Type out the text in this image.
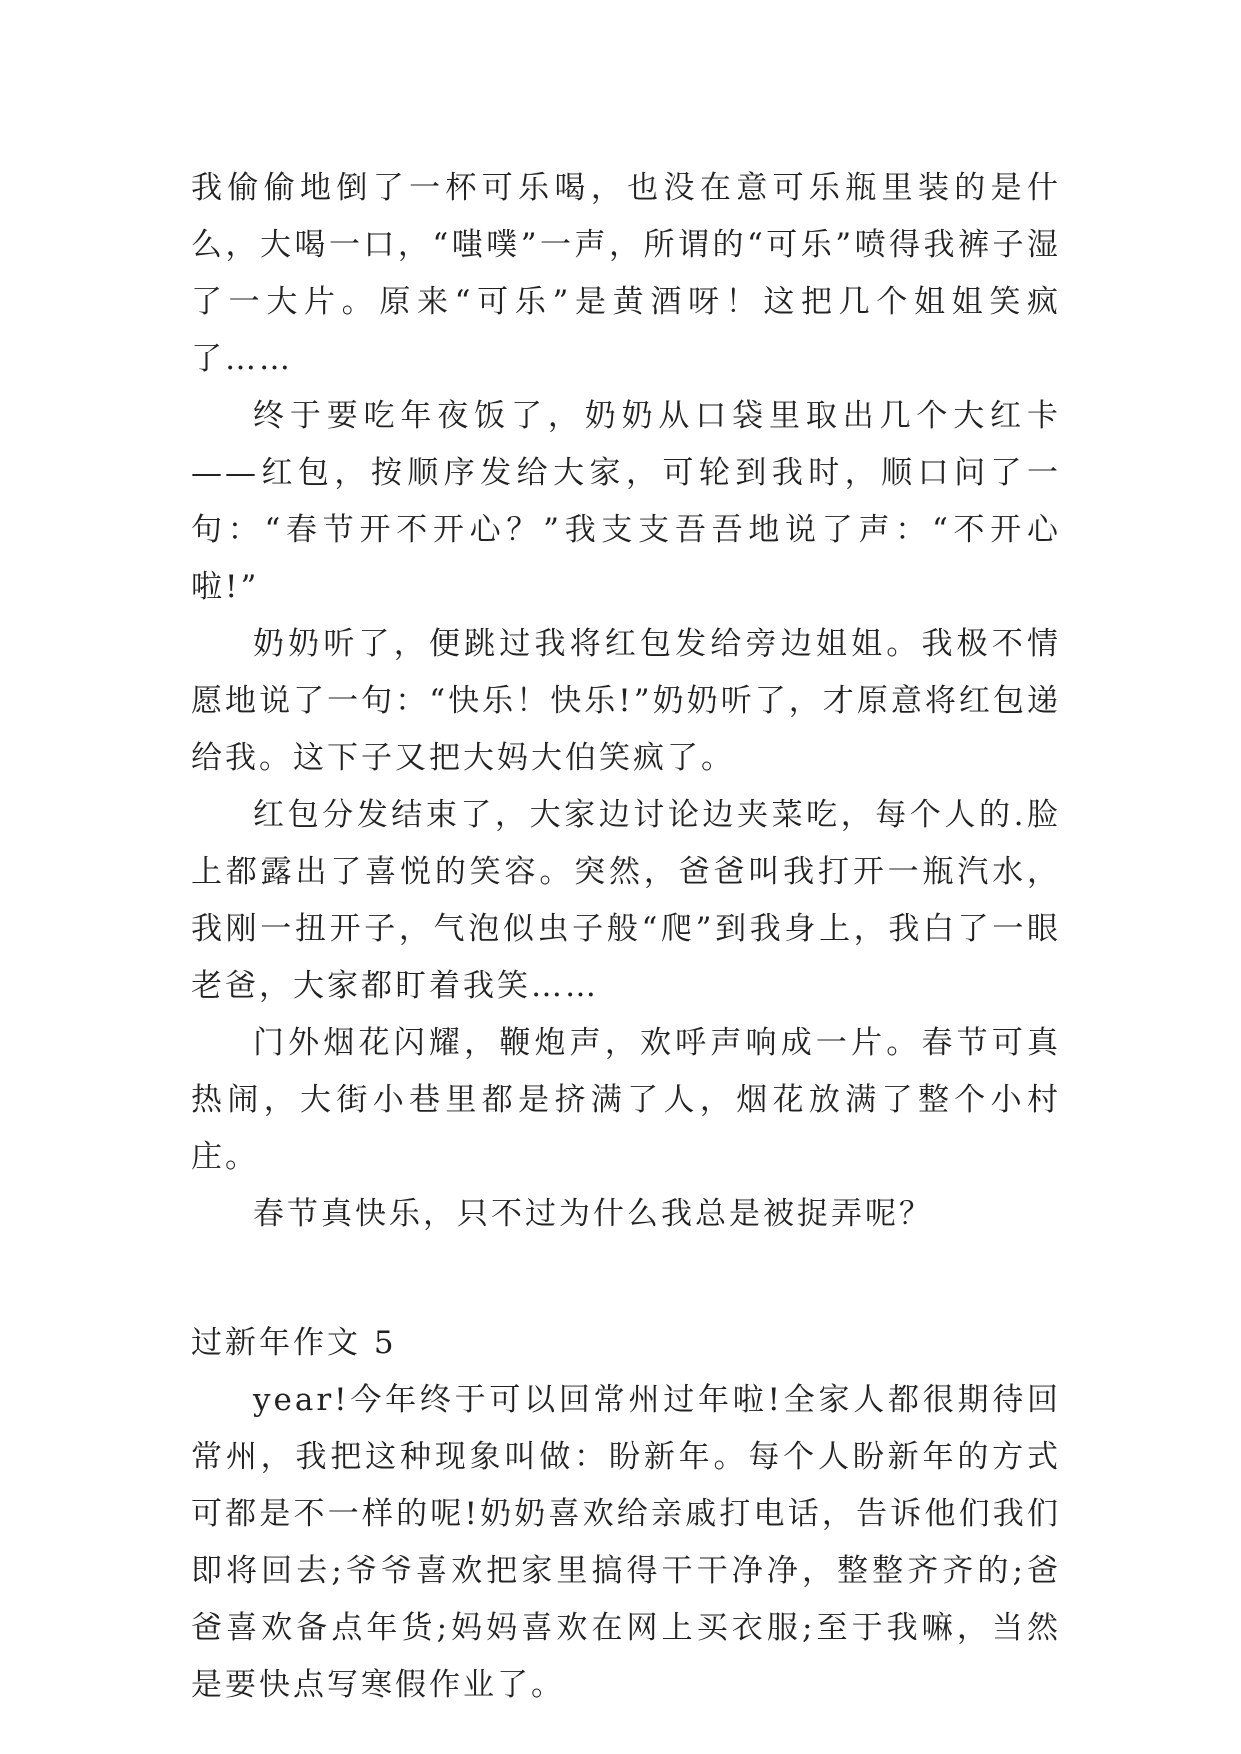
我偷偷地倒了一杯可乐喝，也没在意可乐瓶里装的是什么，大喝一口，“嗤噗”一声，所谓的“可乐”喷得我裤子湿了一大片。原来“可乐”是黄酒呀！这把几个姐姐笑疯了……

终于要吃年夜饭了，奶奶从口袋里取出几个大红卡——红包，按顺序发给大家，可轮到我时，顺口问了一句：“春节开不开心？”我支支吾吾地说了声：“不开心啦!”

奶奶听了，便跳过我将红包发给旁边姐姐。我极不情愿地说了一句：“快乐！快乐!”奶奶听了，才原意将红包递给我。这下子又把大妈大伯笑疯了。

红包分发结束了，大家边讨论边夹菜吃，每个人的.脸上都露出了喜悦的笑容。突然，爸爸叫我打开一瓶汽水，我刚一扭开子，气泡似虫子般“爬”到我身上，我白了一眼老爸，大家都盯着我笑……

门外烟花闪耀，鞭炮声，欢呼声响成一片。春节可真热闹，大街小巷里都是挤满了人，烟花放满了整个小村庄。

春节真快乐，只不过为什么我总是被捉弄呢？

过新年作文 5

year!今年终于可以回常州过年啦!全家人都很期待回常州，我把这种现象叫做：盼新年。每个人盼新年的方式可都是不一样的呢!奶奶喜欢给亲戚打电话，告诉他们我们即将回去;爷爷喜欢把家里搞得干干净净，整整齐齐的;爸爸喜欢备点年货;妈妈喜欢在网上买衣服;至于我嘛，当然是要快点写寒假作业了。
